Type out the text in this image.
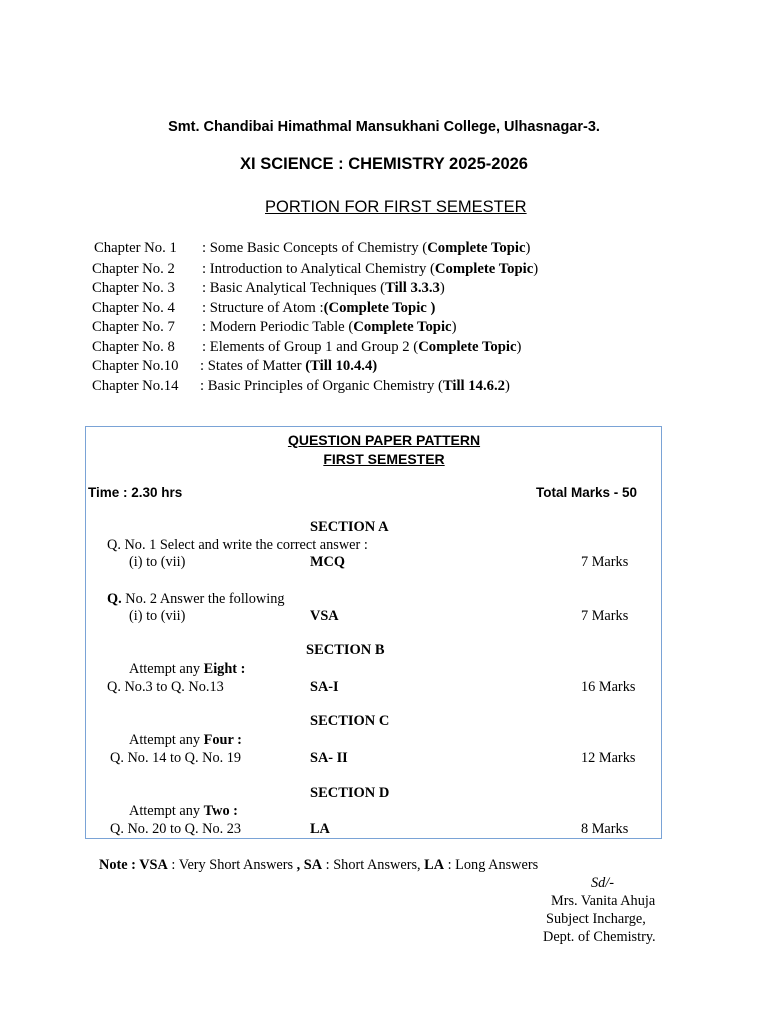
Smt. Chandibai Himathmal Mansukhani College, Ulhasnagar-3.
XI SCIENCE : CHEMISTRY 2025-2026
PORTION FOR FIRST SEMESTER
Chapter No. 1 : Some Basic Concepts of Chemistry (Complete Topic)
Chapter No. 2 : Introduction to Analytical Chemistry (Complete Topic)
Chapter No. 3 : Basic Analytical Techniques (Till 3.3.3)
Chapter No. 4 : Structure of Atom :(Complete Topic )
Chapter No. 7 : Modern Periodic Table (Complete Topic)
Chapter No. 8 : Elements of Group 1 and Group 2 (Complete Topic)
Chapter No.10 : States of Matter (Till 10.4.4)
Chapter No.14 : Basic Principles of Organic Chemistry (Till 14.6.2)
QUESTION PAPER PATTERN
FIRST SEMESTER
Time : 2.30 hrs	Total Marks - 50
SECTION A
Q. No. 1 Select and write the correct answer :
(i) to (vii)	MCQ	7 Marks
Q. No. 2 Answer the following
(i) to (vii)	VSA	7 Marks
SECTION B
Attempt any Eight :
Q. No.3 to Q. No.13	SA-I	16 Marks
SECTION C
Attempt any Four :
Q. No. 14 to Q. No. 19	SA- II	12 Marks
SECTION D
Attempt any Two :
Q. No. 20 to Q. No. 23	LA	8 Marks
Note : VSA : Very Short Answers , SA : Short Answers, LA : Long Answers
Sd/-
Mrs. Vanita Ahuja
Subject Incharge,
Dept. of Chemistry.
